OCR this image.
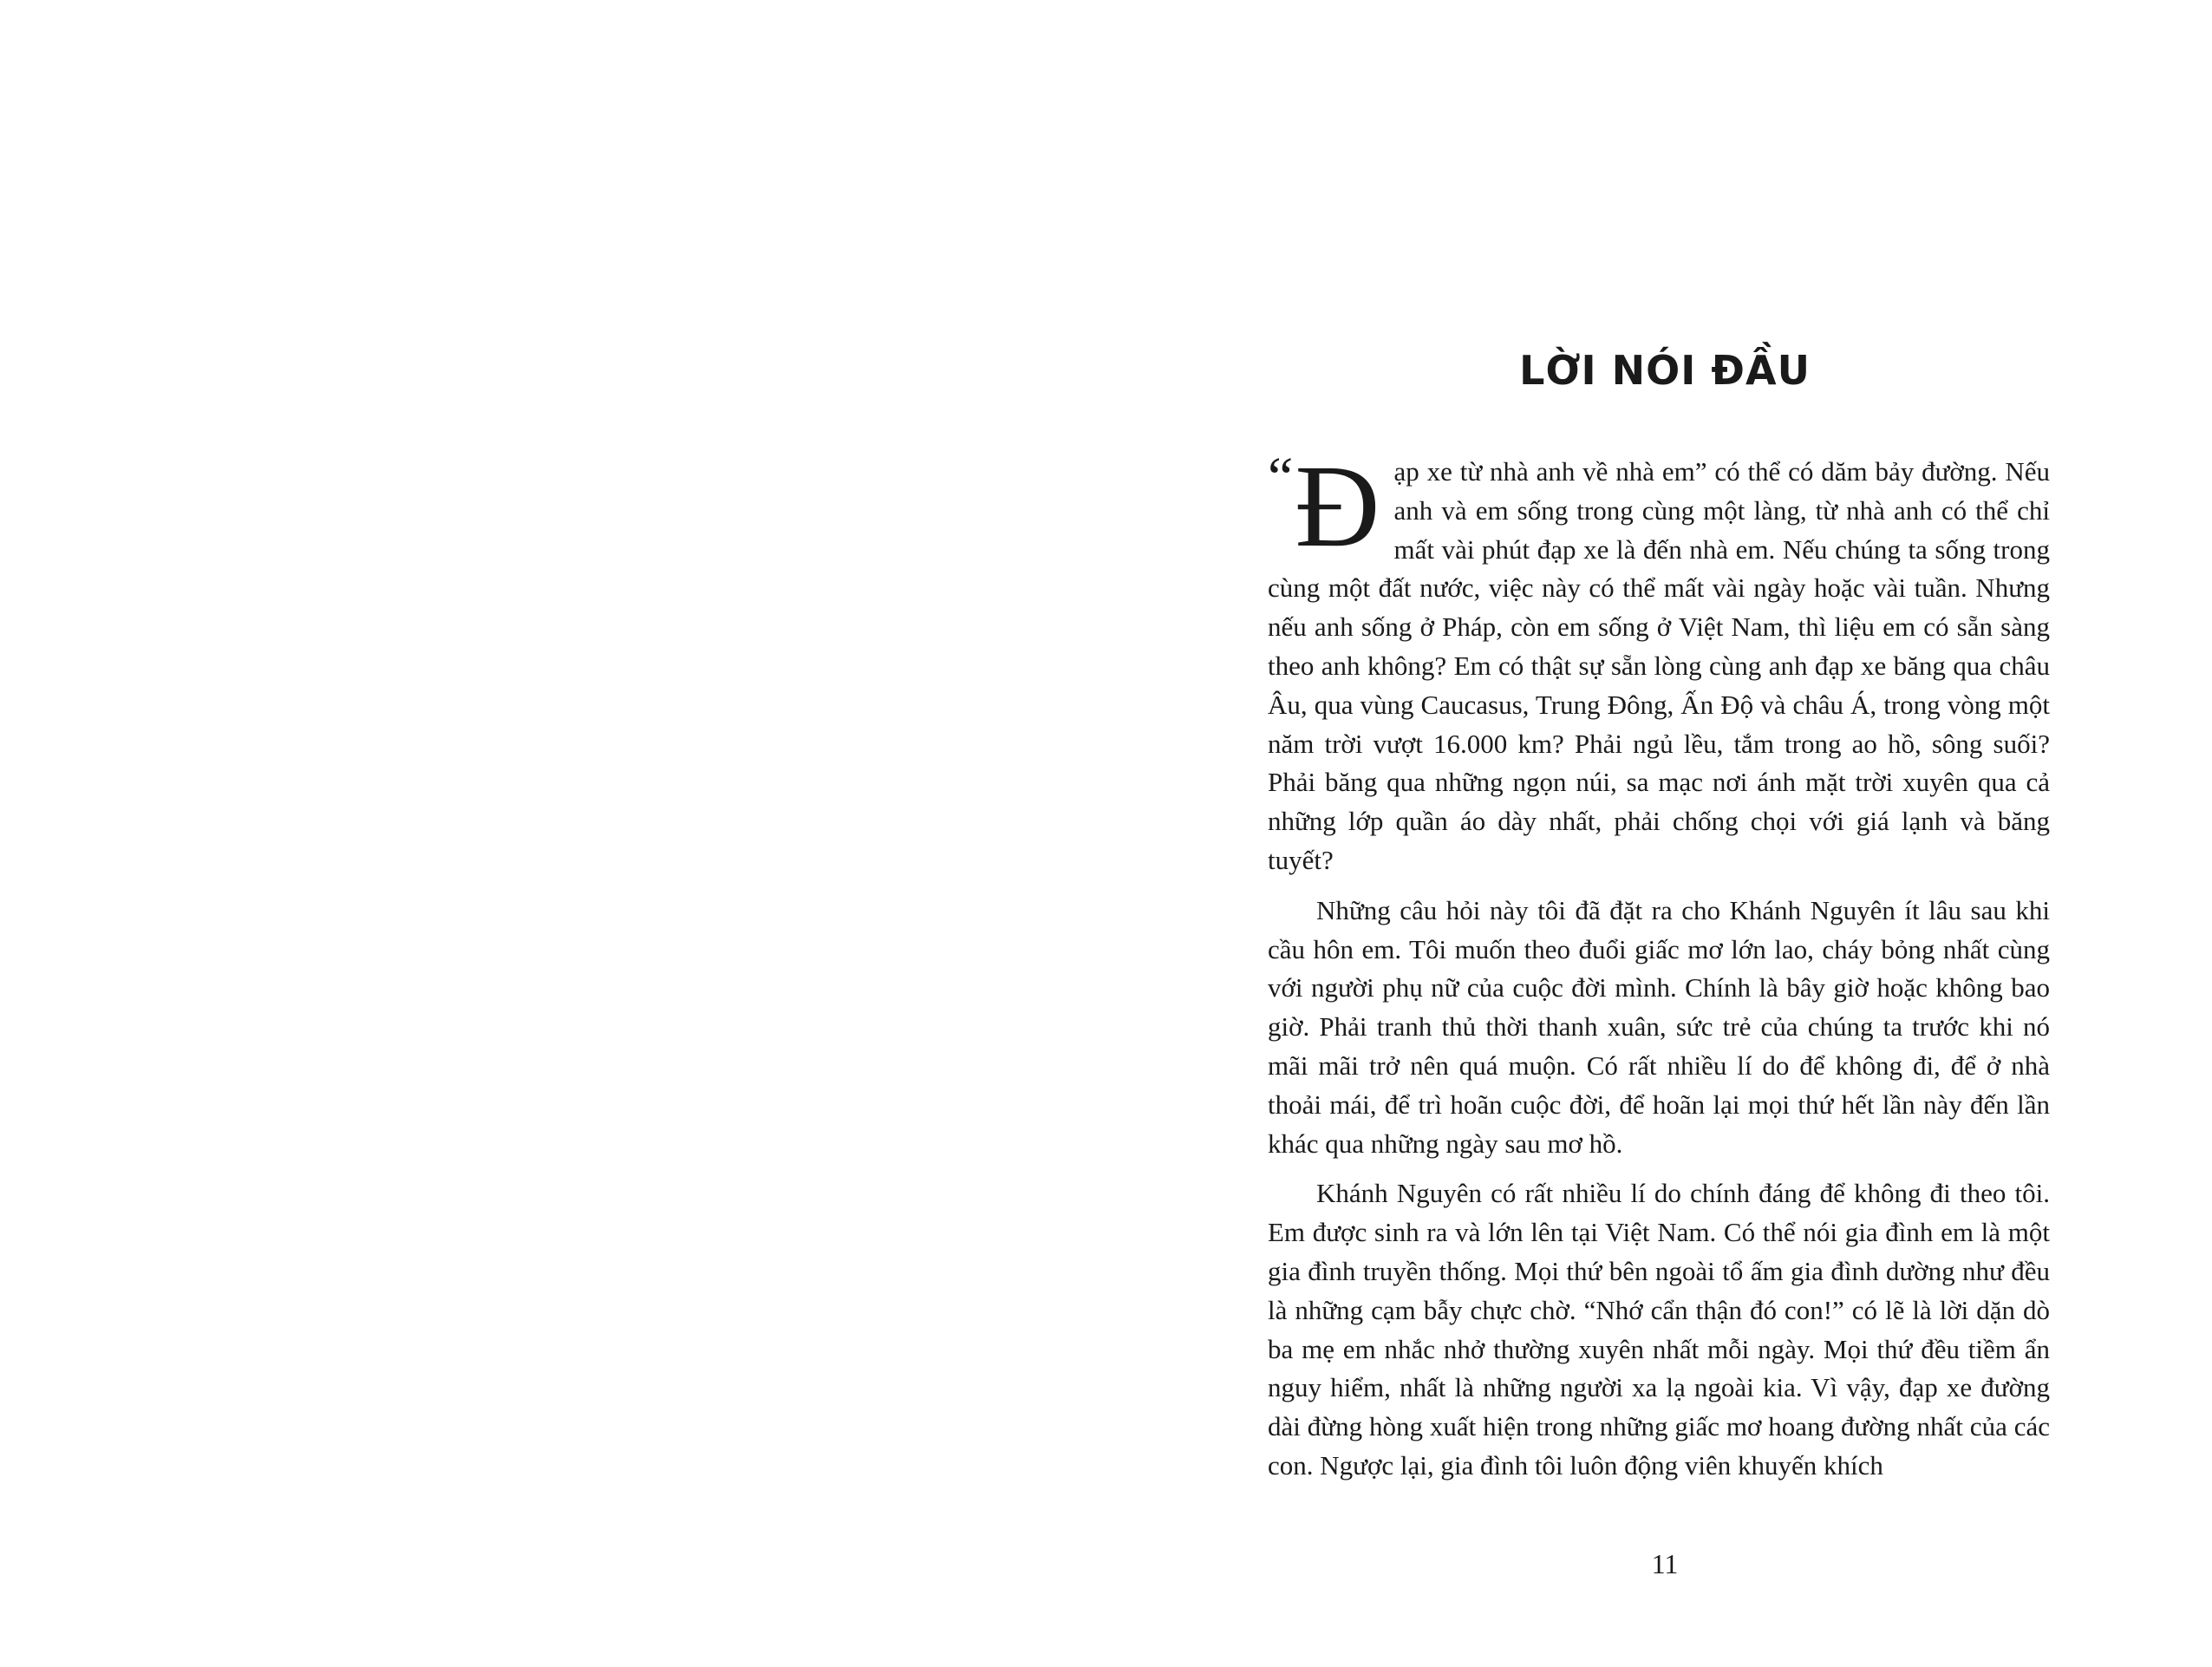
LỜI NÓI ĐẦU

“Đ ạp xe từ nhà anh về nhà em” có thể có dăm bảy đường. Nếu anh và em sống trong cùng một làng, từ nhà anh có thể chỉ mất vài phút đạp xe là đến nhà em. Nếu chúng ta sống trong cùng một đất nước, việc này có thể mất vài ngày hoặc vài tuần. Nhưng nếu anh sống ở Pháp, còn em sống ở Việt Nam, thì liệu em có sẵn sàng theo anh không? Em có thật sự sẵn lòng cùng anh đạp xe băng qua châu Âu, qua vùng Caucasus, Trung Đông, Ấn Độ và châu Á, trong vòng một năm trời vượt 16.000 km? Phải ngủ lều, tắm trong ao hồ, sông suối? Phải băng qua những ngọn núi, sa mạc nơi ánh mặt trời xuyên qua cả những lớp quần áo dày nhất, phải chống chọi với giá lạnh và băng tuyết?

Những câu hỏi này tôi đã đặt ra cho Khánh Nguyên ít lâu sau khi cầu hôn em. Tôi muốn theo đuổi giấc mơ lớn lao, cháy bỏng nhất cùng với người phụ nữ của cuộc đời mình. Chính là bây giờ hoặc không bao giờ. Phải tranh thủ thời thanh xuân, sức trẻ của chúng ta trước khi nó mãi mãi trở nên quá muộn. Có rất nhiều lí do để không đi, để ở nhà thoải mái, để trì hoãn cuộc đời, để hoãn lại mọi thứ hết lần này đến lần khác qua những ngày sau mơ hồ.

Khánh Nguyên có rất nhiều lí do chính đáng để không đi theo tôi. Em được sinh ra và lớn lên tại Việt Nam. Có thể nói gia đình em là một gia đình truyền thống. Mọi thứ bên ngoài tổ ấm gia đình dường như đều là những cạm bẫy chực chờ. “Nhớ cẩn thận đó con!” có lẽ là lời dặn dò ba mẹ em nhắc nhở thường xuyên nhất mỗi ngày. Mọi thứ đều tiềm ẩn nguy hiểm, nhất là những người xa lạ ngoài kia. Vì vậy, đạp xe đường dài đừng hòng xuất hiện trong những giấc mơ hoang đường nhất của các con. Ngược lại, gia đình tôi luôn động viên khuyến khích

11
